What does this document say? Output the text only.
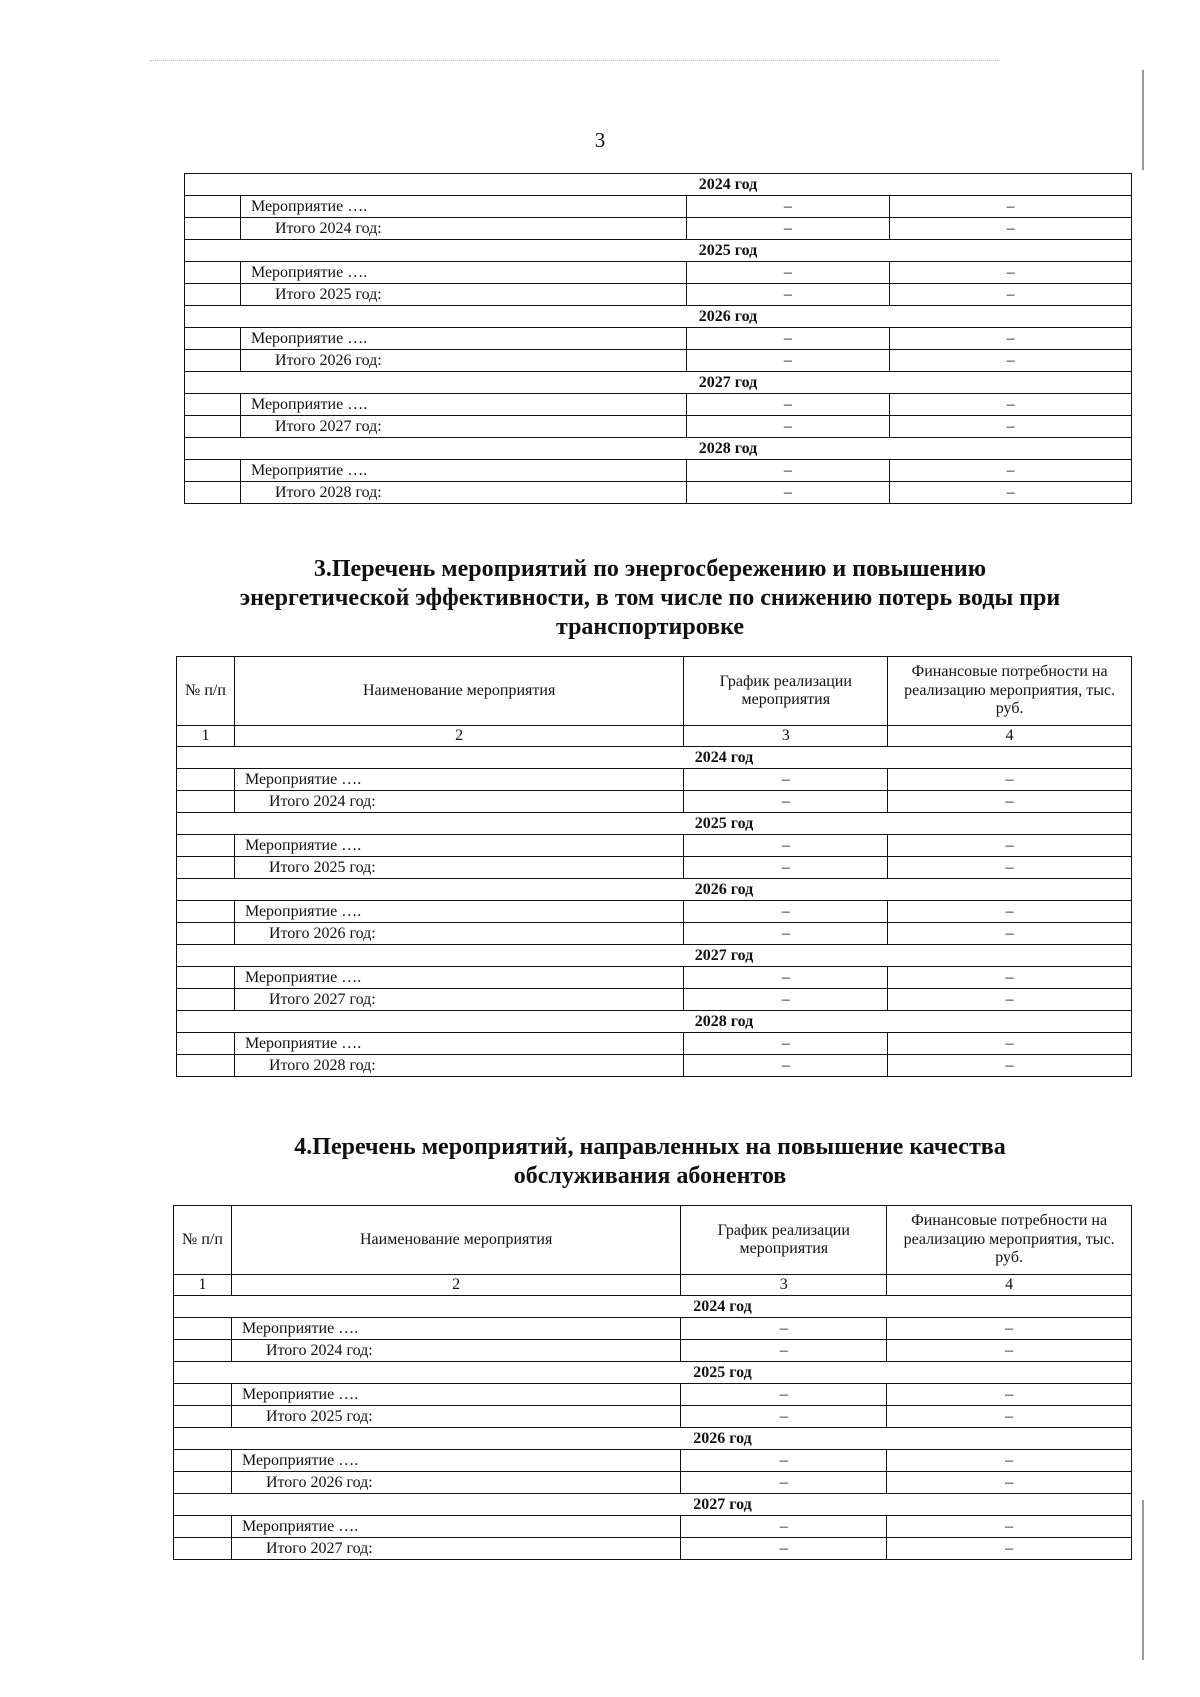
3
2024 год			
	Мероприятие ….	–	–
	Итого 2024 год:	–	–
2025 год			
	Мероприятие ….	–	–
	Итого 2025 год:	–	–
2026 год			
	Мероприятие ….	–	–
	Итого 2026 год:	–	–
2027 год			
	Мероприятие ….	–	–
	Итого 2027 год:	–	–
2028 год			
	Мероприятие ….	–	–
	Итого 2028 год:	–	–
3.Перечень мероприятий по энергосбережению и повышению
энергетической эффективности, в том числе по снижению потерь воды при
транспортировке
№ п/п	Наименование мероприятия	График реализации мероприятия	Финансовые потребности на реализацию мероприятия, тыс. руб.
1	2	3	4
2024 год			
	Мероприятие ….	–	–
	Итого 2024 год:	–	–
2025 год			
	Мероприятие ….	–	–
	Итого 2025 год:	–	–
2026 год			
	Мероприятие ….	–	–
	Итого 2026 год:	–	–
2027 год			
	Мероприятие ….	–	–
	Итого 2027 год:	–	–
2028 год			
	Мероприятие ….	–	–
	Итого 2028 год:	–	–
4.Перечень мероприятий, направленных на повышение качества
обслуживания абонентов
№ п/п	Наименование мероприятия	График реализации мероприятия	Финансовые потребности на реализацию мероприятия, тыс. руб.
1	2	3	4
2024 год			
	Мероприятие ….	–	–
	Итого 2024 год:	–	–
2025 год			
	Мероприятие ….	–	–
	Итого 2025 год:	–	–
2026 год			
	Мероприятие ….	–	–
	Итого 2026 год:	–	–
2027 год			
	Мероприятие ….	–	–
	Итого 2027 год:	–	–
